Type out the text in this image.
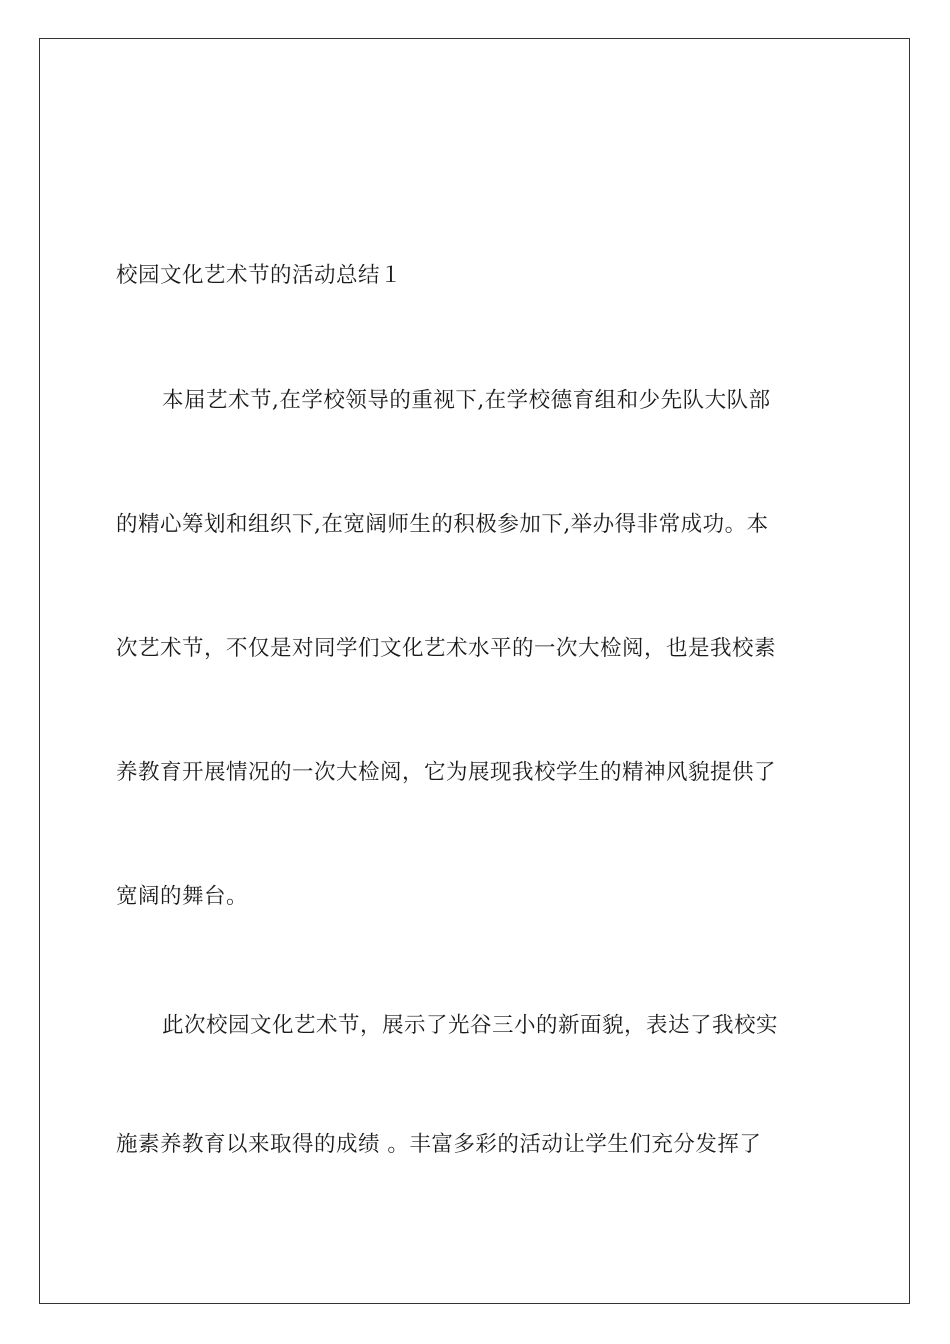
校园文化艺术节的活动总结１
本届艺术节,在学校领导的重视下,在学校德育组和少先队大队部
的精心筹划和组织下,在宽阔师生的积极参加下,举办得非常成功。本
次艺术节，不仅是对同学们文化艺术水平的一次大检阅，也是我校素
养教育开展情况的一次大检阅，它为展现我校学生的精神风貌提供了
宽阔的舞台。
此次校园文化艺术节，展示了光谷三小的新面貌，表达了我校实
施素养教育以来取得的成绩 。丰富多彩的活动让学生们充分发挥了
